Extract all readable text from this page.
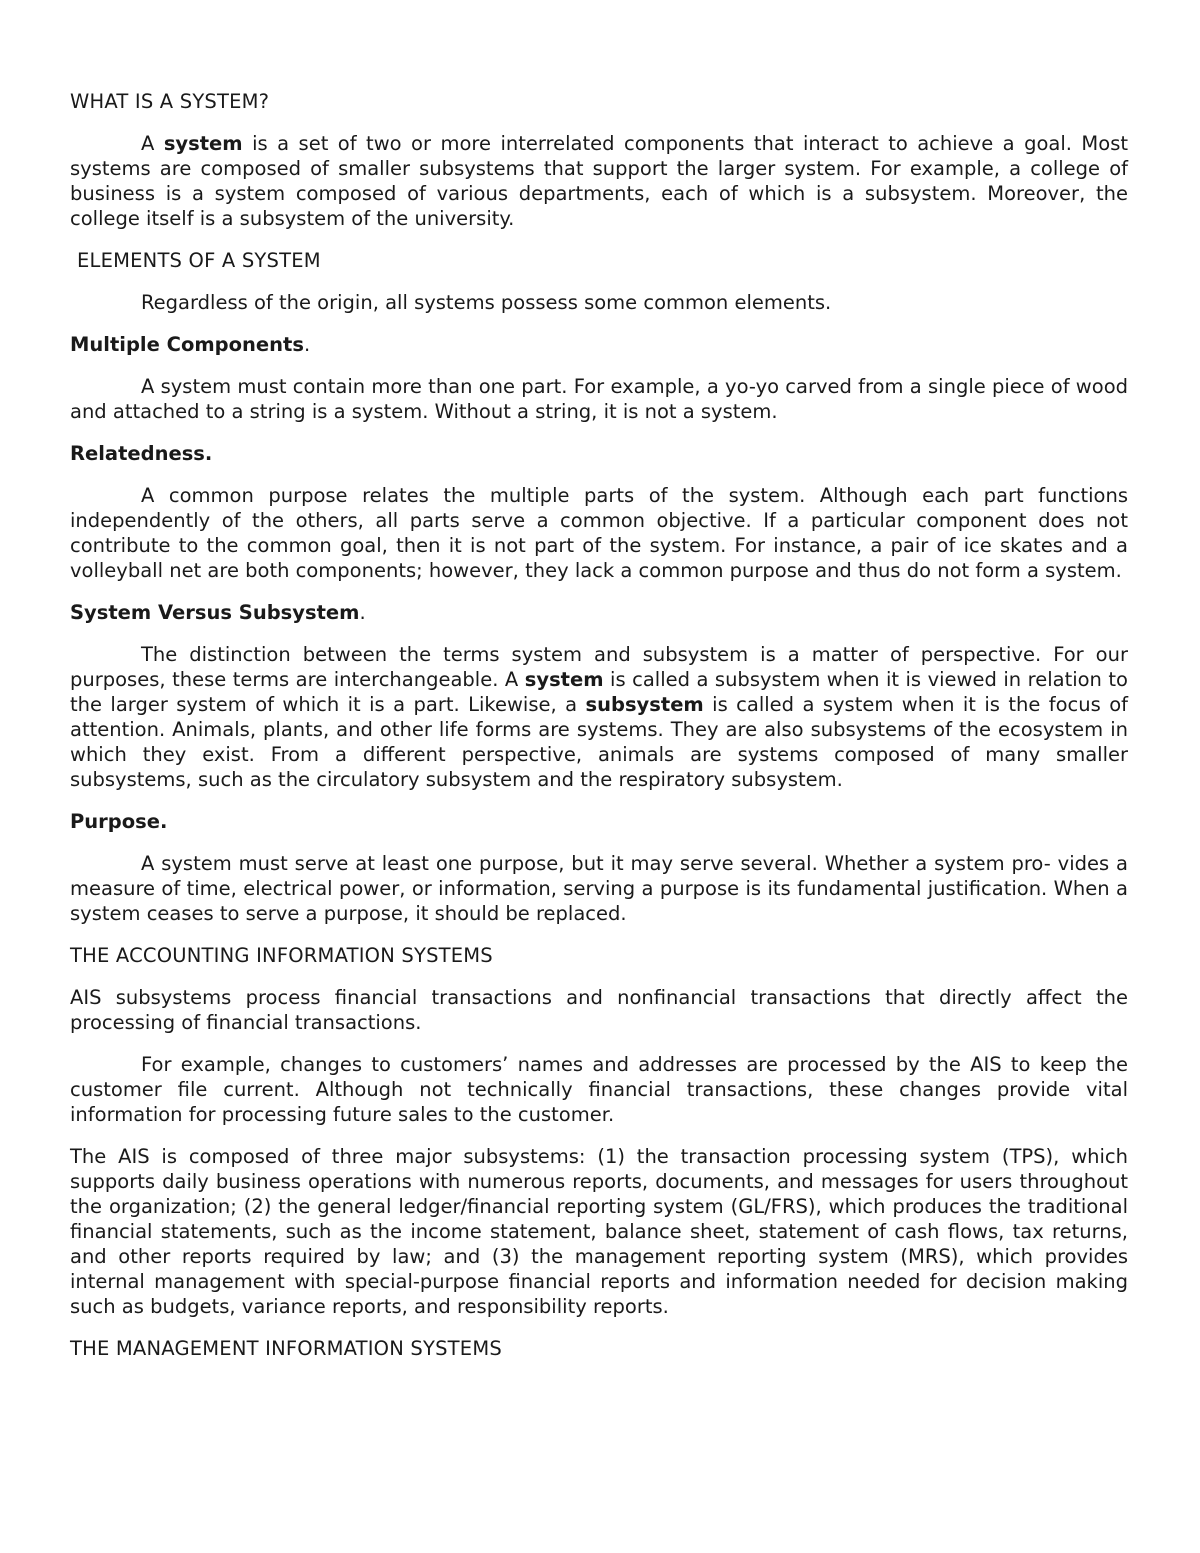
WHAT IS A SYSTEM?

A system is a set of two or more interrelated components that interact to achieve a goal. Most systems are composed of smaller subsystems that support the larger system. For example, a college of business is a system composed of various departments, each of which is a subsystem. Moreover, the college itself is a subsystem of the university.

ELEMENTS OF A SYSTEM

Regardless of the origin, all systems possess some common elements.

Multiple Components.

A system must contain more than one part. For example, a yo-yo carved from a single piece of wood and attached to a string is a system. Without a string, it is not a system.

Relatedness.

A common purpose relates the multiple parts of the system. Although each part functions independently of the others, all parts serve a common objective. If a particular component does not contribute to the common goal, then it is not part of the system. For instance, a pair of ice skates and a volleyball net are both components; however, they lack a common purpose and thus do not form a system.

System Versus Subsystem.

The distinction between the terms system and subsystem is a matter of perspective. For our purposes, these terms are interchangeable. A system is called a subsystem when it is viewed in relation to the larger system of which it is a part. Likewise, a subsystem is called a system when it is the focus of attention. Animals, plants, and other life forms are systems. They are also subsystems of the ecosystem in which they exist. From a different perspective, animals are systems composed of many smaller subsystems, such as the circulatory subsystem and the respiratory subsystem.

Purpose.

A system must serve at least one purpose, but it may serve several. Whether a system pro- vides a measure of time, electrical power, or information, serving a purpose is its fundamental justification. When a system ceases to serve a purpose, it should be replaced.

THE ACCOUNTING INFORMATION SYSTEMS

AIS subsystems process financial transactions and nonfinancial transactions that directly affect the processing of financial transactions.

For example, changes to customers’ names and addresses are processed by the AIS to keep the customer file current. Although not technically financial transactions, these changes provide vital information for processing future sales to the customer.

The AIS is composed of three major subsystems: (1) the transaction processing system (TPS), which supports daily business operations with numerous reports, documents, and messages for users throughout the organization; (2) the general ledger/financial reporting system (GL/FRS), which produces the traditional financial statements, such as the income statement, balance sheet, statement of cash flows, tax returns, and other reports required by law; and (3) the management reporting system (MRS), which provides internal management with special-purpose financial reports and information needed for decision making such as budgets, variance reports, and responsibility reports.

THE MANAGEMENT INFORMATION SYSTEMS
